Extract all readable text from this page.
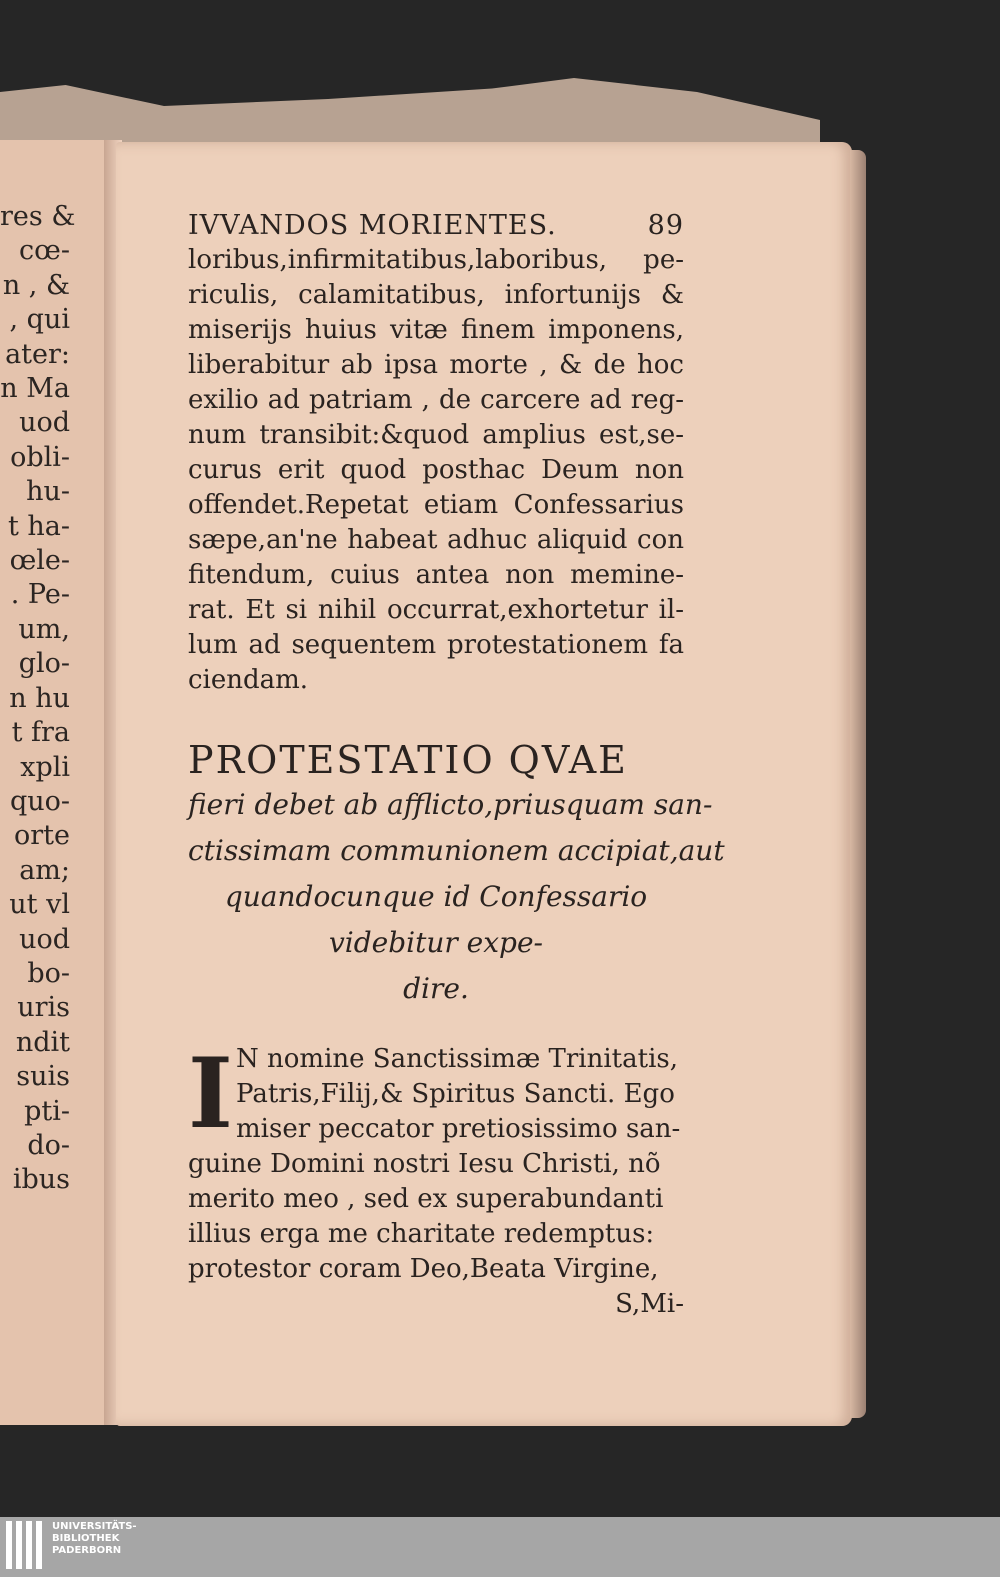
res &
cœ-
n , &
, qui
ater:
n Ma
uod
obli-
hu-
t ha-
œle-
. Pe-
um,
glo-
n hu
t fra
xpli
quo-
orte
am;
ut vl
uod
bo-
uris
ndit
suis
pti-
do-
ibus
IVVANDOS MORIENTES.	89
loribus,infirmitatibus,laboribus, pe-
riculis, calamitatibus, infortunijs &
miserijs huius vitæ finem imponens,
liberabitur ab ipsa morte , & de hoc
exilio ad patriam , de carcere ad reg-
num transibit:&quod amplius est,se-
curus erit quod posthac Deum non
offendet.Repetat etiam Confessarius
sæpe,an'ne habeat adhuc aliquid con
fitendum, cuius antea non memine-
rat. Et si nihil occurrat,exhortetur il-
lum ad sequentem protestationem fa
ciendam.
PROTESTATIO QVAE
fieri debet ab afflicto,priusquam san-
ctissimam communionem accipiat,aut
quandocunque id Confessario
videbitur expe-
dire.
I N nomine Sanctissimæ Trinitatis,
Patris,Filij,& Spiritus Sancti. Ego
miser peccator pretiosissimo san-
guine Domini nostri Iesu Christi, nõ
merito meo , sed ex superabundanti
illius erga me charitate redemptus:
protestor coram Deo,Beata Virgine,
S,Mi-
UNIVERSITÄTS-
BIBLIOTHEK
PADERBORN
